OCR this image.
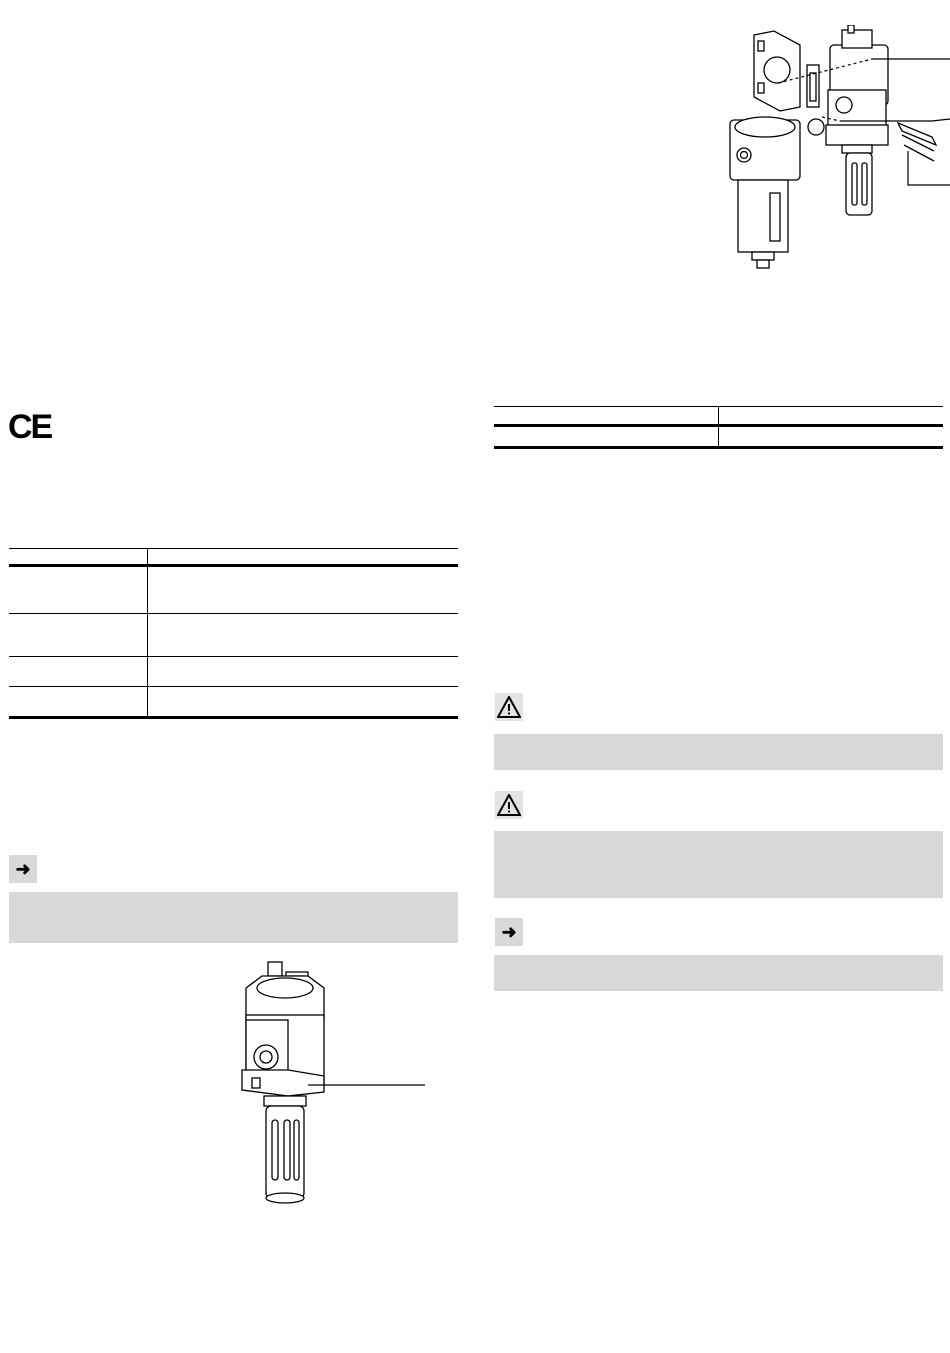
CE
➜
➜
